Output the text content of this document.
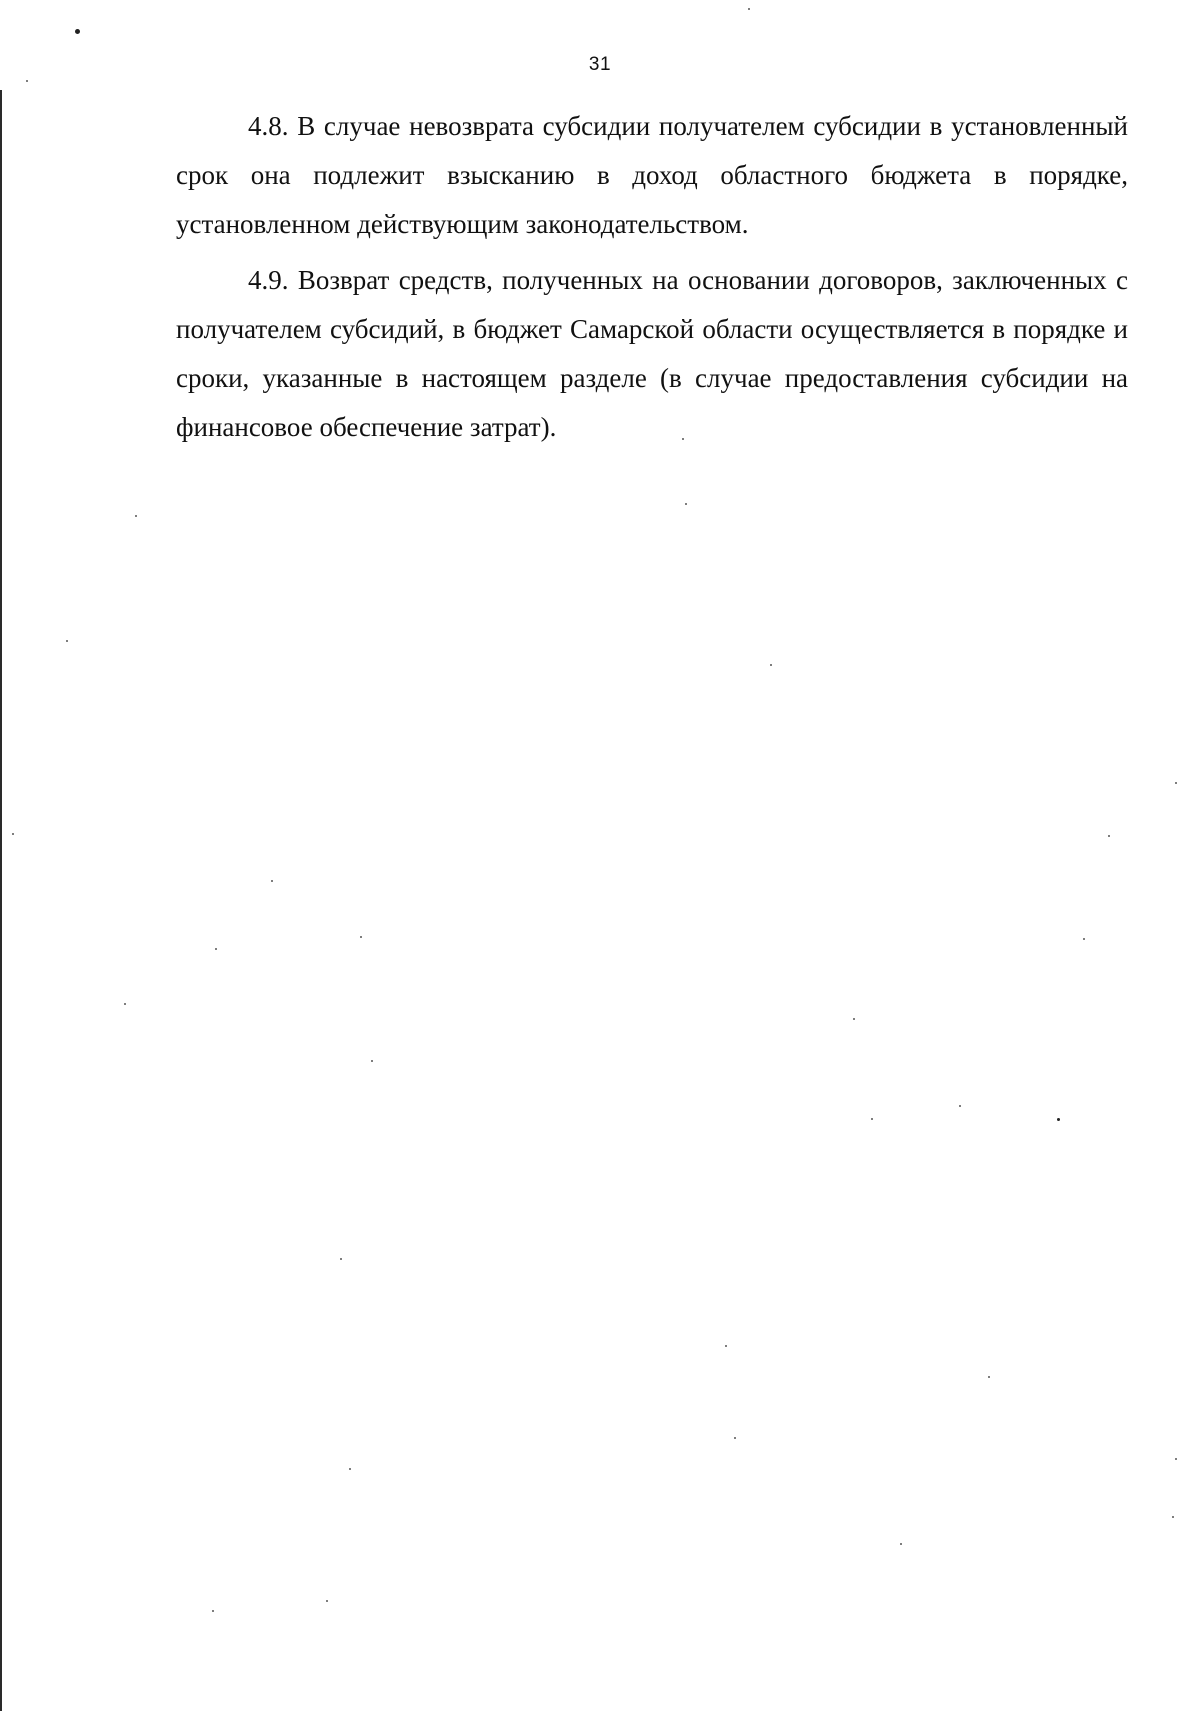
31

4.8. В случае невозврата субсидии получателем субсидии в установленный срок она подлежит взысканию в доход областного бюджета в порядке, установленном действующим законодательством.

4.9. Возврат средств, полученных на основании договоров, заключенных с получателем субсидий, в бюджет Самарской области осуществляется в порядке и сроки, указанные в настоящем разделе (в случае предоставления субсидии на финансовое обеспечение затрат).
